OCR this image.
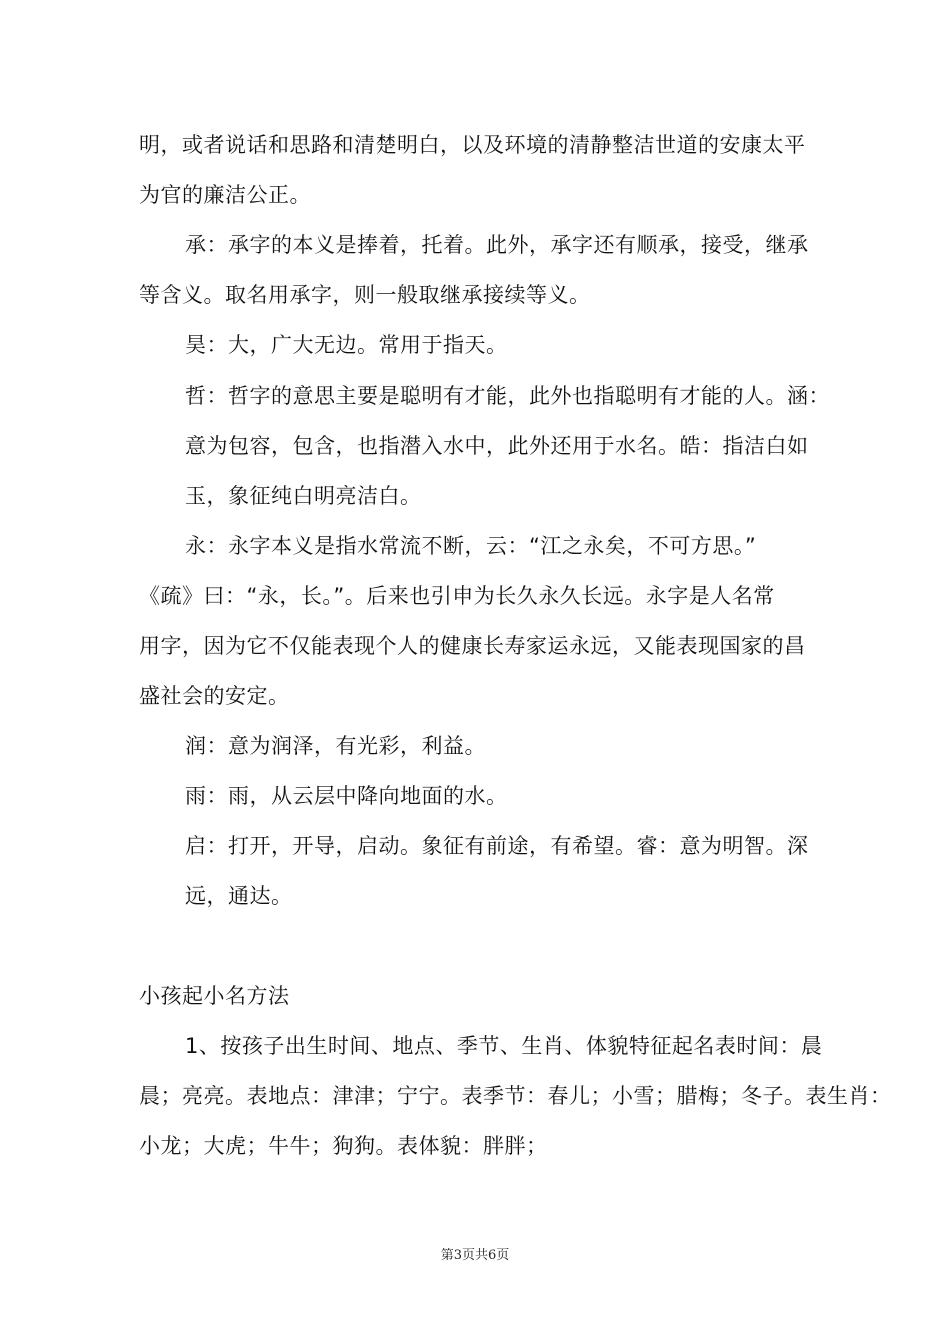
明，或者说话和思路和清楚明白，以及环境的清静整洁世道的安康太平
为官的廉洁公正。
承：承字的本义是捧着，托着。此外，承字还有顺承，接受，继承
等含义。取名用承字，则一般取继承接续等义。
昊：大，广大无边。常用于指天。
哲：哲字的意思主要是聪明有才能，此外也指聪明有才能的人。涵：
意为包容，包含，也指潜入水中，此外还用于水名。皓：指洁白如
玉，象征纯白明亮洁白。
永：永字本义是指水常流不断，云：“江之永矣，不可方思。”
《疏》曰：“永，长。”。后来也引申为长久永久长远。永字是人名常
用字，因为它不仅能表现个人的健康长寿家运永远，又能表现国家的昌
盛社会的安定。
润：意为润泽，有光彩，利益。
雨：雨，从云层中降向地面的水。
启：打开，开导，启动。象征有前途，有希望。睿：意为明智。深
远，通达。
小孩起小名方法
1、按孩子出生时间、地点、季节、生肖、体貌特征起名表时间：晨
晨；亮亮。表地点：津津；宁宁。表季节：春儿；小雪；腊梅；冬子。表生肖：
小龙；大虎；牛牛；狗狗。表体貌：胖胖；
第3页共6页
